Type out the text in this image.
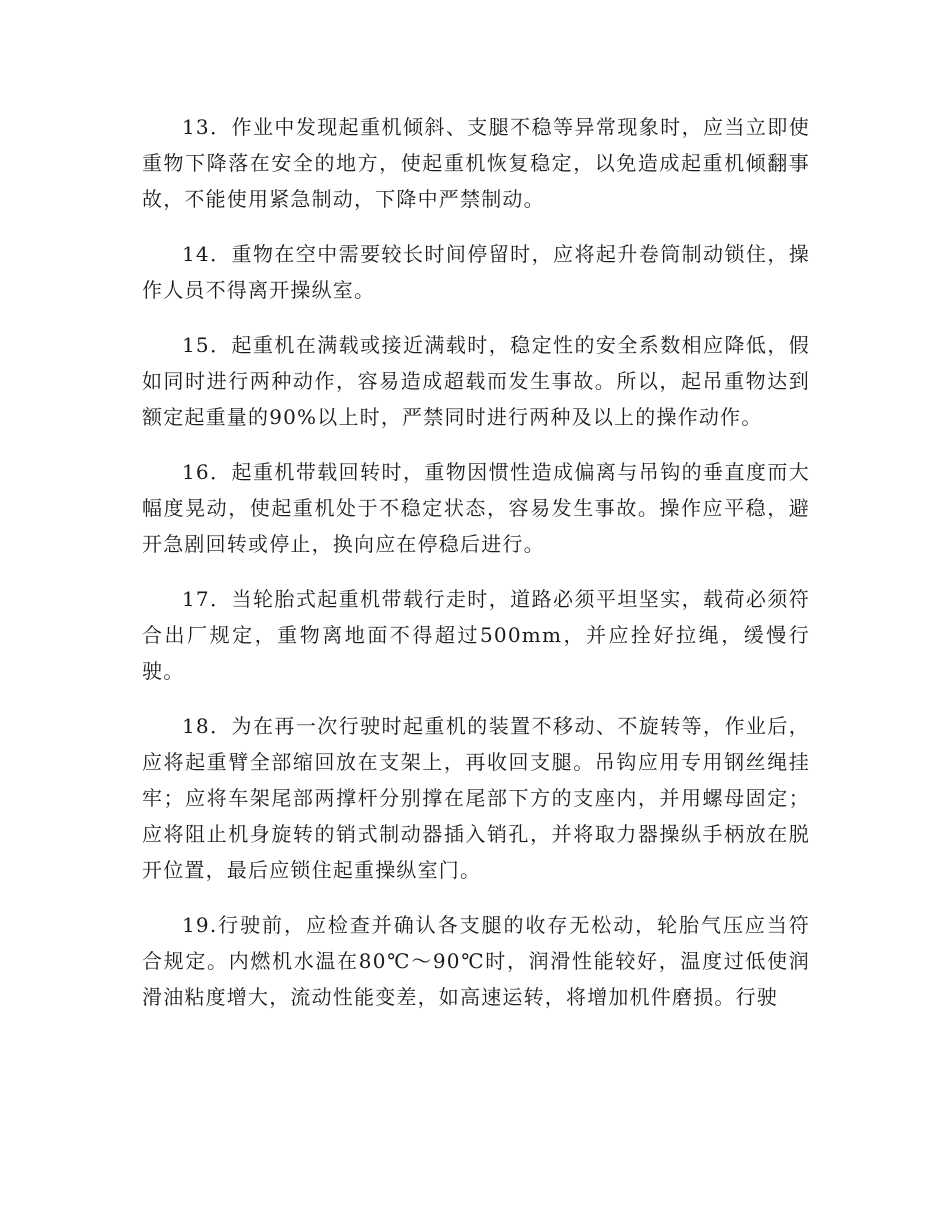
13．作业中发现起重机倾斜、支腿不稳等异常现象时，应当立即使重物下降落在安全的地方，使起重机恢复稳定，以免造成起重机倾翻事故，不能使用紧急制动，下降中严禁制动。

14．重物在空中需要较长时间停留时，应将起升卷筒制动锁住，操作人员不得离开操纵室。

15．起重机在满载或接近满载时，稳定性的安全系数相应降低，假如同时进行两种动作，容易造成超载而发生事故。所以，起吊重物达到额定起重量的90%以上时，严禁同时进行两种及以上的操作动作。

16．起重机带载回转时，重物因惯性造成偏离与吊钩的垂直度而大幅度晃动，使起重机处于不稳定状态，容易发生事故。操作应平稳，避开急剧回转或停止，换向应在停稳后进行。

17．当轮胎式起重机带载行走时，道路必须平坦坚实，载荷必须符合出厂规定，重物离地面不得超过500mm，并应拴好拉绳，缓慢行驶。

18．为在再一次行驶时起重机的装置不移动、不旋转等，作业后，应将起重臂全部缩回放在支架上，再收回支腿。吊钩应用专用钢丝绳挂牢；应将车架尾部两撑杆分别撑在尾部下方的支座内，并用螺母固定；应将阻止机身旋转的销式制动器插入销孔，并将取力器操纵手柄放在脱开位置，最后应锁住起重操纵室门。

19.行驶前，应检查并确认各支腿的收存无松动，轮胎气压应当符合规定。内燃机水温在80℃～90℃时，润滑性能较好，温度过低使润滑油粘度增大，流动性能变差，如高速运转，将增加机件磨损。行驶
